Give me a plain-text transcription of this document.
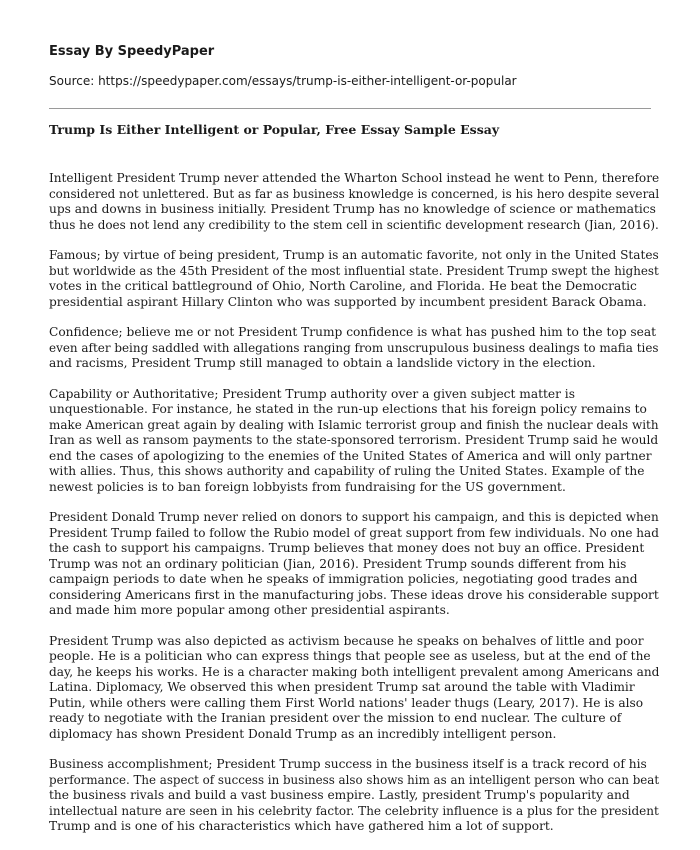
Essay By SpeedyPaper
Source: https://speedypaper.com/essays/trump-is-either-intelligent-or-popular
Trump Is Either Intelligent or Popular, Free Essay Sample Essay
Intelligent President Trump never attended the Wharton School instead he went to Penn, therefore
considered not unlettered. But as far as business knowledge is concerned, is his hero despite several
ups and downs in business initially. President Trump has no knowledge of science or mathematics
thus he does not lend any credibility to the stem cell in scientific development research (Jian, 2016).
Famous; by virtue of being president, Trump is an automatic favorite, not only in the United States
but worldwide as the 45th President of the most influential state. President Trump swept the highest
votes in the critical battleground of Ohio, North Caroline, and Florida. He beat the Democratic
presidential aspirant Hillary Clinton who was supported by incumbent president Barack Obama.
Confidence; believe me or not President Trump confidence is what has pushed him to the top seat
even after being saddled with allegations ranging from unscrupulous business dealings to mafia ties
and racisms, President Trump still managed to obtain a landslide victory in the election.
Capability or Authoritative; President Trump authority over a given subject matter is
unquestionable. For instance, he stated in the run-up elections that his foreign policy remains to
make American great again by dealing with Islamic terrorist group and finish the nuclear deals with
Iran as well as ransom payments to the state-sponsored terrorism. President Trump said he would
end the cases of apologizing to the enemies of the United States of America and will only partner
with allies. Thus, this shows authority and capability of ruling the United States. Example of the
newest policies is to ban foreign lobbyists from fundraising for the US government.
President Donald Trump never relied on donors to support his campaign, and this is depicted when
President Trump failed to follow the Rubio model of great support from few individuals. No one had
the cash to support his campaigns. Trump believes that money does not buy an office. President
Trump was not an ordinary politician (Jian, 2016). President Trump sounds different from his
campaign periods to date when he speaks of immigration policies, negotiating good trades and
considering Americans first in the manufacturing jobs. These ideas drove his considerable support
and made him more popular among other presidential aspirants.
President Trump was also depicted as activism because he speaks on behalves of little and poor
people. He is a politician who can express things that people see as useless, but at the end of the
day, he keeps his works. He is a character making both intelligent prevalent among Americans and
Latina. Diplomacy, We observed this when president Trump sat around the table with Vladimir
Putin, while others were calling them First World nations' leader thugs (Leary, 2017). He is also
ready to negotiate with the Iranian president over the mission to end nuclear. The culture of
diplomacy has shown President Donald Trump as an incredibly intelligent person.
Business accomplishment; President Trump success in the business itself is a track record of his
performance. The aspect of success in business also shows him as an intelligent person who can beat
the business rivals and build a vast business empire. Lastly, president Trump's popularity and
intellectual nature are seen in his celebrity factor. The celebrity influence is a plus for the president
Trump and is one of his characteristics which have gathered him a lot of support.
